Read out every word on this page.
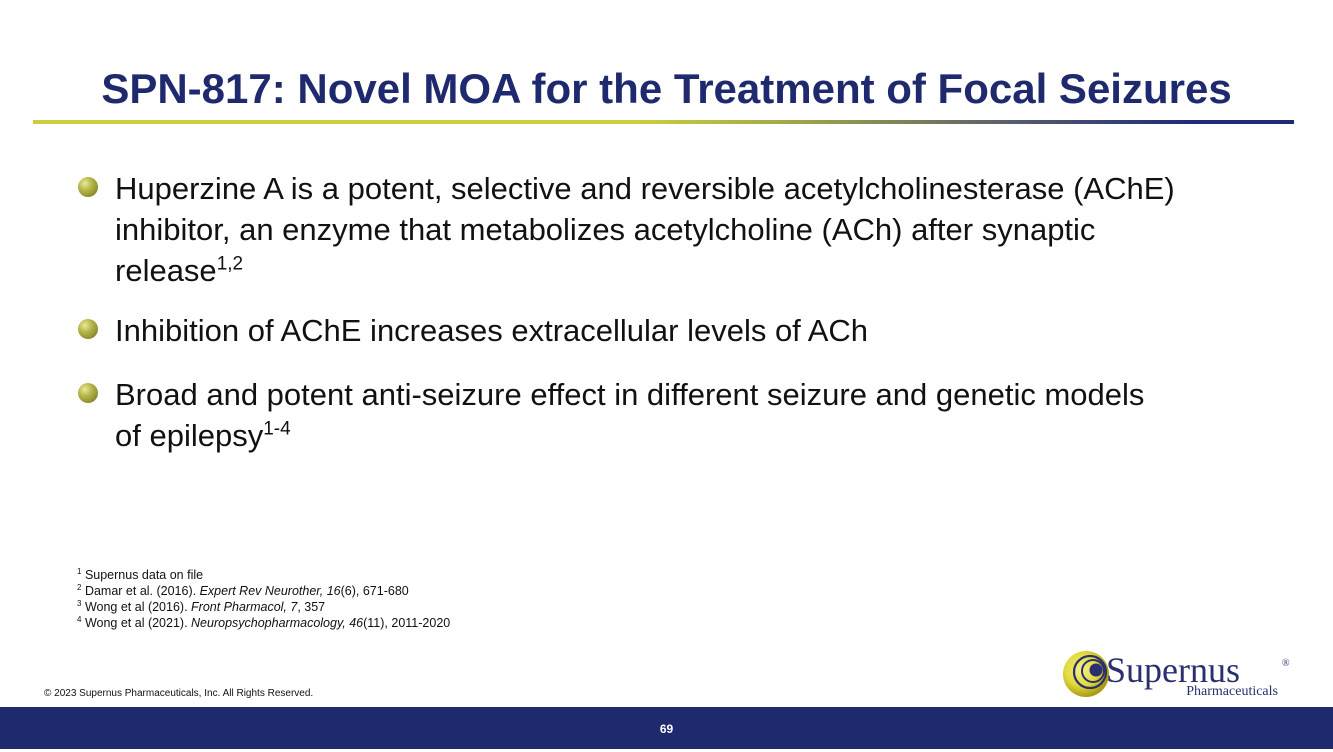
SPN-817: Novel MOA for the Treatment of Focal Seizures
Huperzine A is a potent, selective and reversible acetylcholinesterase (AChE)
inhibitor, an enzyme that metabolizes acetylcholine (ACh) after synaptic
release$^{1,2}$
Inhibition of AChE increases extracellular levels of ACh
Broad and potent anti-seizure effect in different seizure and genetic models
of epilepsy$^{1-4}$
$^1$ Supernus data on file
$^2$ Damar et al. (2016). Expert Rev Neurother, 16(6), 671-680
$^3$ Wong et al (2016). Front Pharmacol, 7, 357
$^4$ Wong et al (2021). Neuropsychopharmacology, 46(11), 2011-2020
© 2023 Supernus Pharmaceuticals, Inc. All Rights Reserved.
Supernus	®
Pharmaceuticals
69
